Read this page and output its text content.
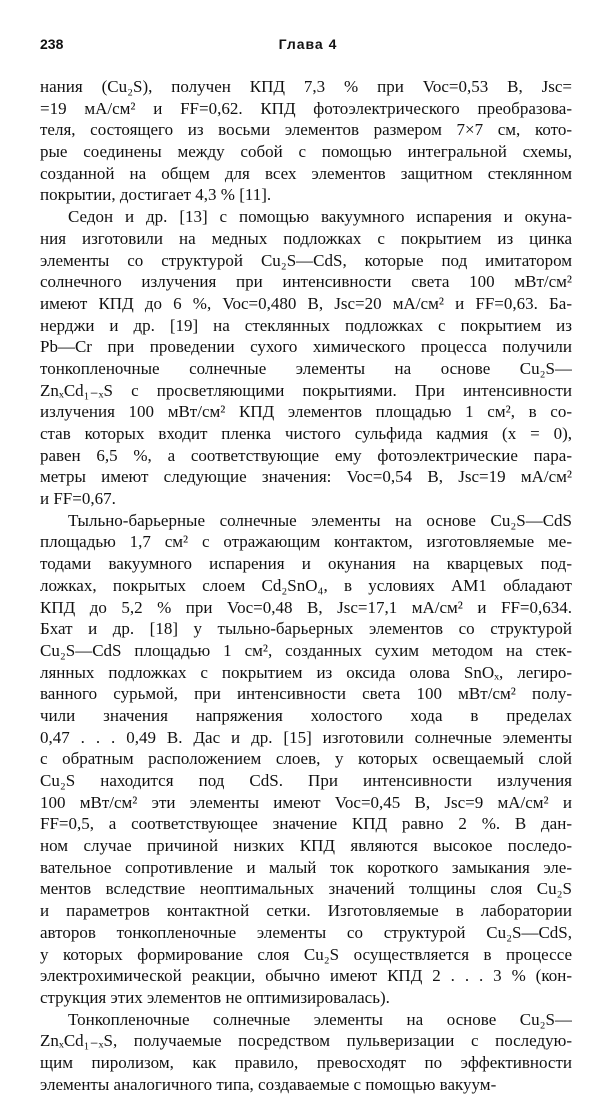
238	Глава 4
нания (Cu₂S), получен КПД 7,3 % при Voc=0,53 В, Jsc=
=19 мА/см² и FF=0,62. КПД фотоэлектрического преобразова-
теля, состоящего из восьми элементов размером 7×7 см, кото-
рые соединены между собой с помощью интегральной схемы,
созданной на общем для всех элементов защитном стеклянном
покрытии, достигает 4,3 % [11].
Седон и др. [13] с помощью вакуумного испарения и окуна-
ния изготовили на медных подложках с покрытием из цинка
элементы со структурой Cu₂S—CdS, которые под имитатором
солнечного излучения при интенсивности света 100 мВт/см²
имеют КПД до 6 %, Voc=0,480 В, Jsc=20 мА/см² и FF=0,63. Ба-
нерджи и др. [19] на стеклянных подложках с покрытием из
Pb—Cr при проведении сухого химического процесса получили
тонкопленочные солнечные элементы на основе Cu₂S—
ZnₓCd₁₋ₓS с просветляющими покрытиями. При интенсивности
излучения 100 мВт/см² КПД элементов площадью 1 см², в со-
став которых входит пленка чистого сульфида кадмия (x = 0),
равен 6,5 %, а соответствующие ему фотоэлектрические пара-
метры имеют следующие значения: Voc=0,54 В, Jsc=19 мА/см²
и FF=0,67.
Тыльно-барьерные солнечные элементы на основе Cu₂S—CdS
площадью 1,7 см² с отражающим контактом, изготовляемые ме-
тодами вакуумного испарения и окунания на кварцевых под-
ложках, покрытых слоем Cd₂SnO₄, в условиях АМ1 обладают
КПД до 5,2 % при Voc=0,48 В, Jsc=17,1 мА/см² и FF=0,634.
Бхат и др. [18] у тыльно-барьерных элементов со структурой
Cu₂S—CdS площадью 1 см², созданных сухим методом на стек-
лянных подложках с покрытием из оксида олова SnOₓ, легиро-
ванного сурьмой, при интенсивности света 100 мВт/см² полу-
чили значения напряжения холостого хода в пределах
0,47 . . . 0,49 В. Дас и др. [15] изготовили солнечные элементы
с обратным расположением слоев, у которых освещаемый слой
Cu₂S находится под CdS. При интенсивности излучения
100 мВт/см² эти элементы имеют Voc=0,45 В, Jsc=9 мА/см² и
FF=0,5, а соответствующее значение КПД равно 2 %. В дан-
ном случае причиной низких КПД являются высокое последо-
вательное сопротивление и малый ток короткого замыкания эле-
ментов вследствие неоптимальных значений толщины слоя Cu₂S
и параметров контактной сетки. Изготовляемые в лаборатории
авторов тонкопленочные элементы со структурой Cu₂S—CdS,
у которых формирование слоя Cu₂S осуществляется в процессе
электрохимической реакции, обычно имеют КПД 2 . . . 3 % (кон-
струкция этих элементов не оптимизировалась).
Тонкопленочные солнечные элементы на основе Cu₂S—
ZnₓCd₁₋ₓS, получаемые посредством пульверизации с последую-
щим пиролизом, как правило, превосходят по эффективности
элементы аналогичного типа, создаваемые с помощью вакуум-
